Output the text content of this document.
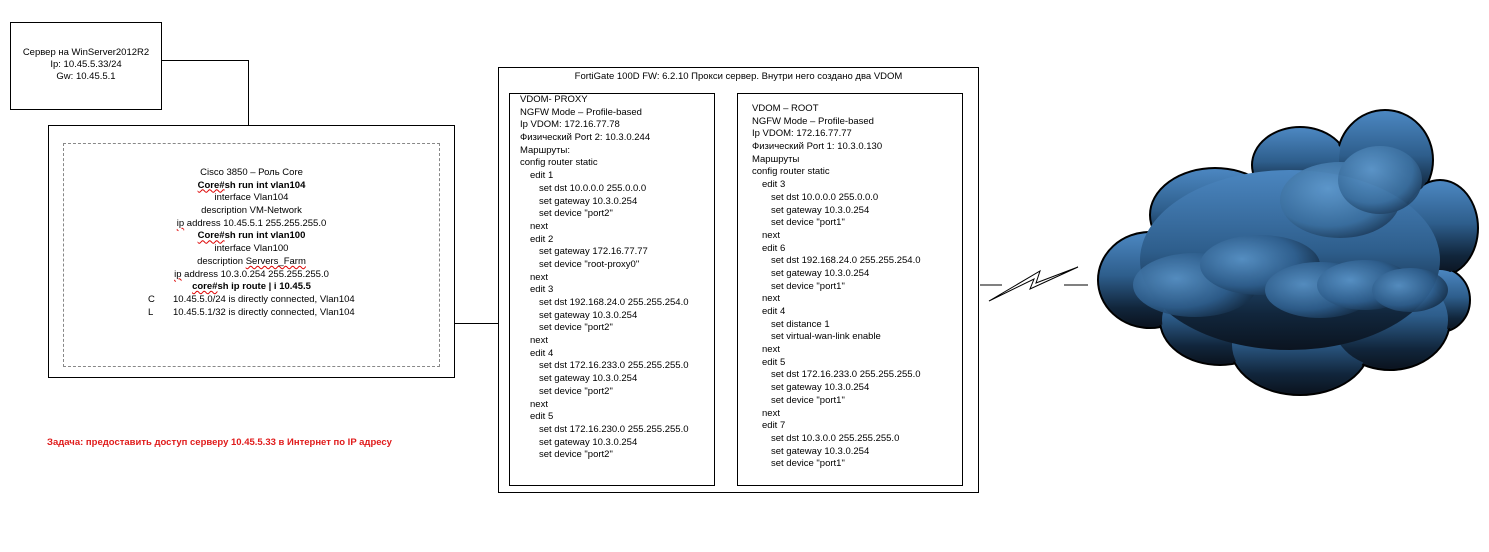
Сервер на WinServer2012R2
Ip: 10.45.5.33/24
Gw: 10.45.5.1
Cisco 3850 – Роль Core
Core#sh run int vlan104
interface Vlan104
description VM-Network
ip address 10.45.5.1 255.255.255.0
Core#sh run int vlan100
interface Vlan100
description Servers_Farm
ip address 10.3.0.254 255.255.255.0
core#sh ip route | i 10.45.5
C 10.45.5.0/24 is directly connected, Vlan104
L 10.45.5.1/32 is directly connected, Vlan104
FortiGate 100D FW: 6.2.10 Прокси сервер. Внутри него создано два VDOM
VDOM- PROXY
NGFW Mode – Profile-based
Ip VDOM: 172.16.77.78
Физический Port 2: 10.3.0.244
Маршруты:
config router static
edit 1
set dst 10.0.0.0 255.0.0.0
set gateway 10.3.0.254
set device "port2"
next
edit 2
set gateway 172.16.77.77
set device "root-proxy0"
next
edit 3
set dst 192.168.24.0 255.255.254.0
set gateway 10.3.0.254
set device "port2"
next
edit 4
set dst 172.16.233.0 255.255.255.0
set gateway 10.3.0.254
set device "port2"
next
edit 5
set dst 172.16.230.0 255.255.255.0
set gateway 10.3.0.254
set device "port2"
VDOM – ROOT
NGFW Mode – Profile-based
Ip VDOM: 172.16.77.77
Физический Port 1: 10.3.0.130
Маршруты
config router static
edit 3
set dst 10.0.0.0 255.0.0.0
set gateway 10.3.0.254
set device "port1"
next
edit 6
set dst 192.168.24.0 255.255.254.0
set gateway 10.3.0.254
set device "port1"
next
edit 4
set distance 1
set virtual-wan-link enable
next
edit 5
set dst 172.16.233.0 255.255.255.0
set gateway 10.3.0.254
set device "port1"
next
edit 7
set dst 10.3.0.0 255.255.255.0
set gateway 10.3.0.254
set device "port1"
Задача: предоставить доступ серверу 10.45.5.33 в Интернет по IP адресу
